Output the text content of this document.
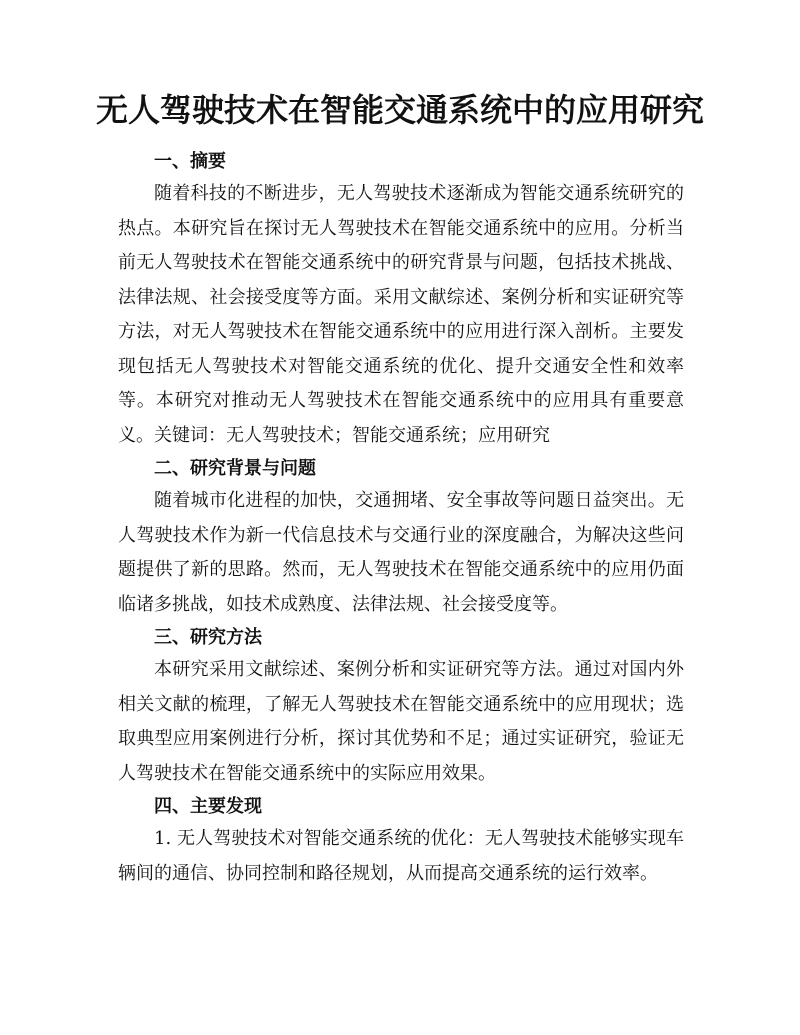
无人驾驶技术在智能交通系统中的应用研究
一、摘要

随着科技的不断进步，无人驾驶技术逐渐成为智能交通系统研究的热点。本研究旨在探讨无人驾驶技术在智能交通系统中的应用。分析当前无人驾驶技术在智能交通系统中的研究背景与问题，包括技术挑战、法律法规、社会接受度等方面。采用文献综述、案例分析和实证研究等方法，对无人驾驶技术在智能交通系统中的应用进行深入剖析。主要发现包括无人驾驶技术对智能交通系统的优化、提升交通安全性和效率等。本研究对推动无人驾驶技术在智能交通系统中的应用具有重要意义。关键词：无人驾驶技术；智能交通系统；应用研究

二、研究背景与问题

随着城市化进程的加快，交通拥堵、安全事故等问题日益突出。无人驾驶技术作为新一代信息技术与交通行业的深度融合，为解决这些问题提供了新的思路。然而，无人驾驶技术在智能交通系统中的应用仍面临诸多挑战，如技术成熟度、法律法规、社会接受度等。

三、研究方法

本研究采用文献综述、案例分析和实证研究等方法。通过对国内外相关文献的梳理，了解无人驾驶技术在智能交通系统中的应用现状；选取典型应用案例进行分析，探讨其优势和不足；通过实证研究，验证无人驾驶技术在智能交通系统中的实际应用效果。

四、主要发现

1. 无人驾驶技术对智能交通系统的优化：无人驾驶技术能够实现车辆间的通信、协同控制和路径规划，从而提高交通系统的运行效率。
